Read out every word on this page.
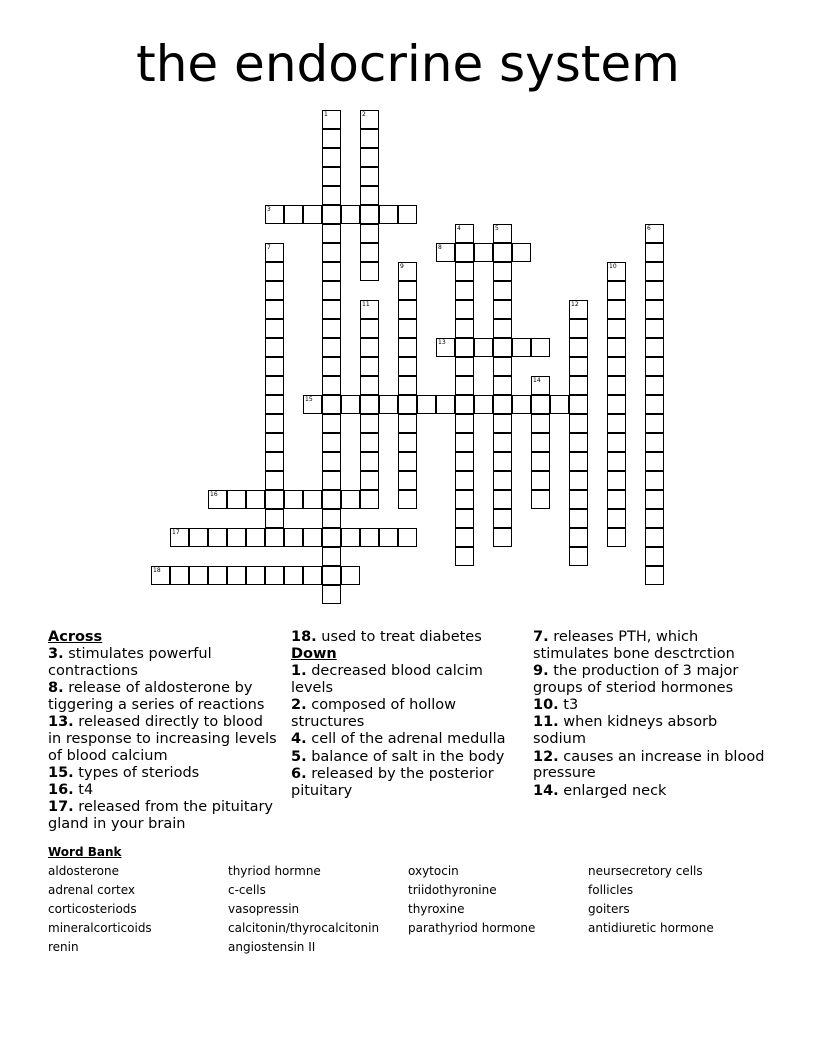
the endocrine system
1	2
3
4	5	6
7	8
9	10
11	12
13
14
15
16
17
18
Across
3. stimulates powerful contractions
8. release of aldosterone by tiggering a series of reactions
13. released directly to blood in response to increasing levels of blood calcium
15. types of steriods
16. t4
17. released from the pituitary gland in your brain
18. used to treat diabetes
Down
1. decreased blood calcim levels
2. composed of hollow structures
4. cell of the adrenal medulla
5. balance of salt in the body
6. released by the posterior pituitary
7. releases PTH, which stimulates bone desctrction
9. the production of 3 major groups of steriod hormones
10. t3
11. when kidneys absorb sodium
12. causes an increase in blood pressure
14. enlarged neck
Word Bank
aldosterone
adrenal cortex
corticosteriods
mineralcorticoids
renin
thyriod hormne
c-cells
vasopressin
calcitonin/thyrocalcitonin
angiostensin II
oxytocin
triidothyronine
thyroxine
parathyriod hormone
neursecretory cells
follicles
goiters
antidiuretic hormone
